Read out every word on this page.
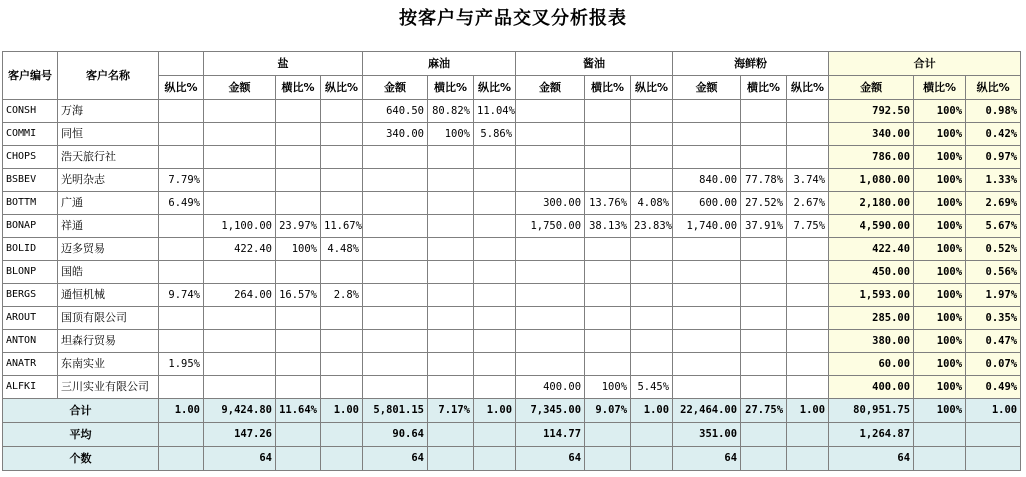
按客户与产品交叉分析报表
客户编号	客户名称		盐			麻油			酱油			海鲜粉			合计		
		纵比%	金额	横比%	纵比%	金额	横比%	纵比%	金额	横比%	纵比%	金额	横比%	纵比%	金额	横比%	纵比%
CONSH	万海					640.50	80.82%	11.04%							792.50	100%	0.98%
COMMI	同恒					340.00	100%	5.86%							340.00	100%	0.42%
CHOPS	浩天旅行社														786.00	100%	0.97%
BSBEV	光明杂志	7.79%										840.00	77.78%	3.74%	1,080.00	100%	1.33%
BOTTM	广通	6.49%							300.00	13.76%	4.08%	600.00	27.52%	2.67%	2,180.00	100%	2.69%
BONAP	祥通		1,100.00	23.97%	11.67%				1,750.00	38.13%	23.83%	1,740.00	37.91%	7.75%	4,590.00	100%	5.67%
BOLID	迈多贸易		422.40	100%	4.48%										422.40	100%	0.52%
BLONP	国皓														450.00	100%	0.56%
BERGS	通恒机械	9.74%	264.00	16.57%	2.8%										1,593.00	100%	1.97%
AROUT	国顶有限公司														285.00	100%	0.35%
ANTON	坦森行贸易														380.00	100%	0.47%
ANATR	东南实业	1.95%													60.00	100%	0.07%
ALFKI	三川实业有限公司								400.00	100%	5.45%				400.00	100%	0.49%
合计		1.00	9,424.80	11.64%	1.00	5,801.15	7.17%	1.00	7,345.00	9.07%	1.00	22,464.00	27.75%	1.00	80,951.75	100%	1.00
平均			147.26			90.64			114.77			351.00			1,264.87		
个数			64			64			64			64			64		
